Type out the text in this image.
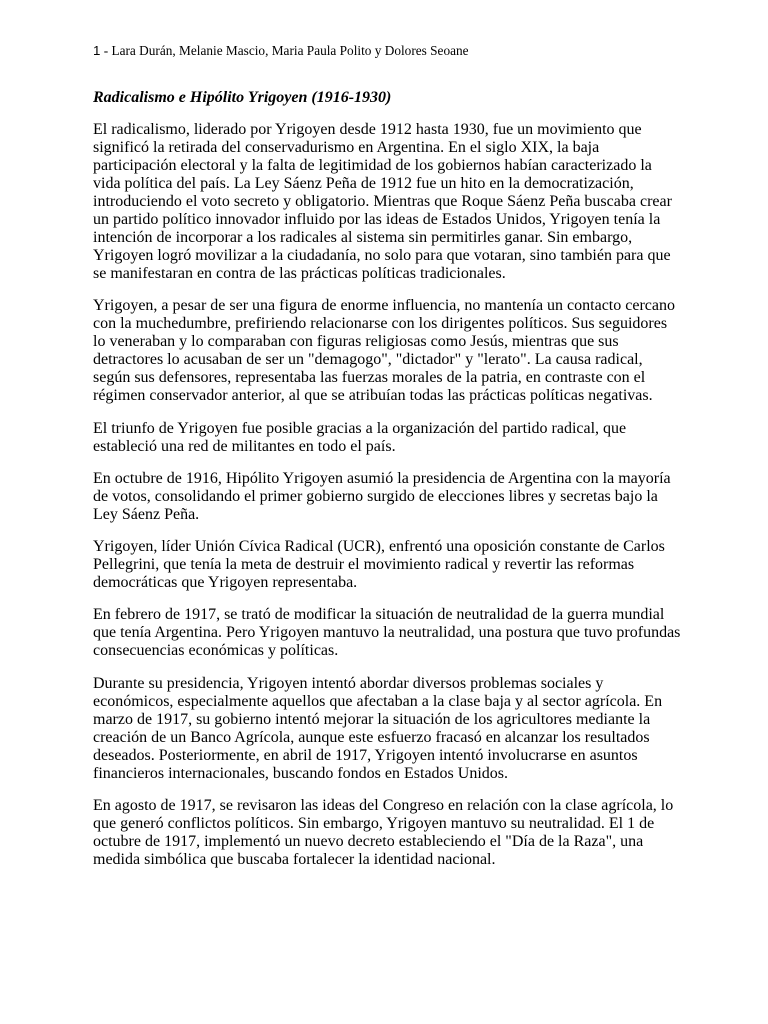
1 - Lara Durán, Melanie Mascio, Maria Paula Polito y Dolores Seoane
Radicalismo e Hipólito Yrigoyen (1916-1930)

El radicalismo, liderado por Yrigoyen desde 1912 hasta 1930, fue un movimiento que significó la retirada del conservadurismo en Argentina. En el siglo XIX, la baja participación electoral y la falta de legitimidad de los gobiernos habían caracterizado la vida política del país. La Ley Sáenz Peña de 1912 fue un hito en la democratización, introduciendo el voto secreto y obligatorio. Mientras que Roque Sáenz Peña buscaba crear un partido político innovador influido por las ideas de Estados Unidos, Yrigoyen tenía la intención de incorporar a los radicales al sistema sin permitirles ganar. Sin embargo, Yrigoyen logró movilizar a la ciudadanía, no solo para que votaran, sino también para que se manifestaran en contra de las prácticas políticas tradicionales.

Yrigoyen, a pesar de ser una figura de enorme influencia, no mantenía un contacto cercano con la muchedumbre, prefiriendo relacionarse con los dirigentes políticos. Sus seguidores lo veneraban y lo comparaban con figuras religiosas como Jesús, mientras que sus detractores lo acusaban de ser un "demagogo", "dictador" y "lerato". La causa radical, según sus defensores, representaba las fuerzas morales de la patria, en contraste con el régimen conservador anterior, al que se atribuían todas las prácticas políticas negativas.

El triunfo de Yrigoyen fue posible gracias a la organización del partido radical, que estableció una red de militantes en todo el país.

En octubre de 1916, Hipólito Yrigoyen asumió la presidencia de Argentina con la mayoría de votos, consolidando el primer gobierno surgido de elecciones libres y secretas bajo la Ley Sáenz Peña.

Yrigoyen, líder Unión Cívica Radical (UCR), enfrentó una oposición constante de Carlos Pellegrini, que tenía la meta de destruir el movimiento radical y revertir las reformas democráticas que Yrigoyen representaba.

En febrero de 1917, se trató de modificar la situación de neutralidad de la guerra mundial que tenía Argentina. Pero Yrigoyen mantuvo la neutralidad, una postura que tuvo profundas consecuencias económicas y políticas.

Durante su presidencia, Yrigoyen intentó abordar diversos problemas sociales y económicos, especialmente aquellos que afectaban a la clase baja y al sector agrícola. En marzo de 1917, su gobierno intentó mejorar la situación de los agricultores mediante la creación de un Banco Agrícola, aunque este esfuerzo fracasó en alcanzar los resultados deseados. Posteriormente, en abril de 1917, Yrigoyen intentó involucrarse en asuntos financieros internacionales, buscando fondos en Estados Unidos.

En agosto de 1917, se revisaron las ideas del Congreso en relación con la clase agrícola, lo que generó conflictos políticos. Sin embargo, Yrigoyen mantuvo su neutralidad. El 1 de octubre de 1917, implementó un nuevo decreto estableciendo el "Día de la Raza", una medida simbólica que buscaba fortalecer la identidad nacional.
